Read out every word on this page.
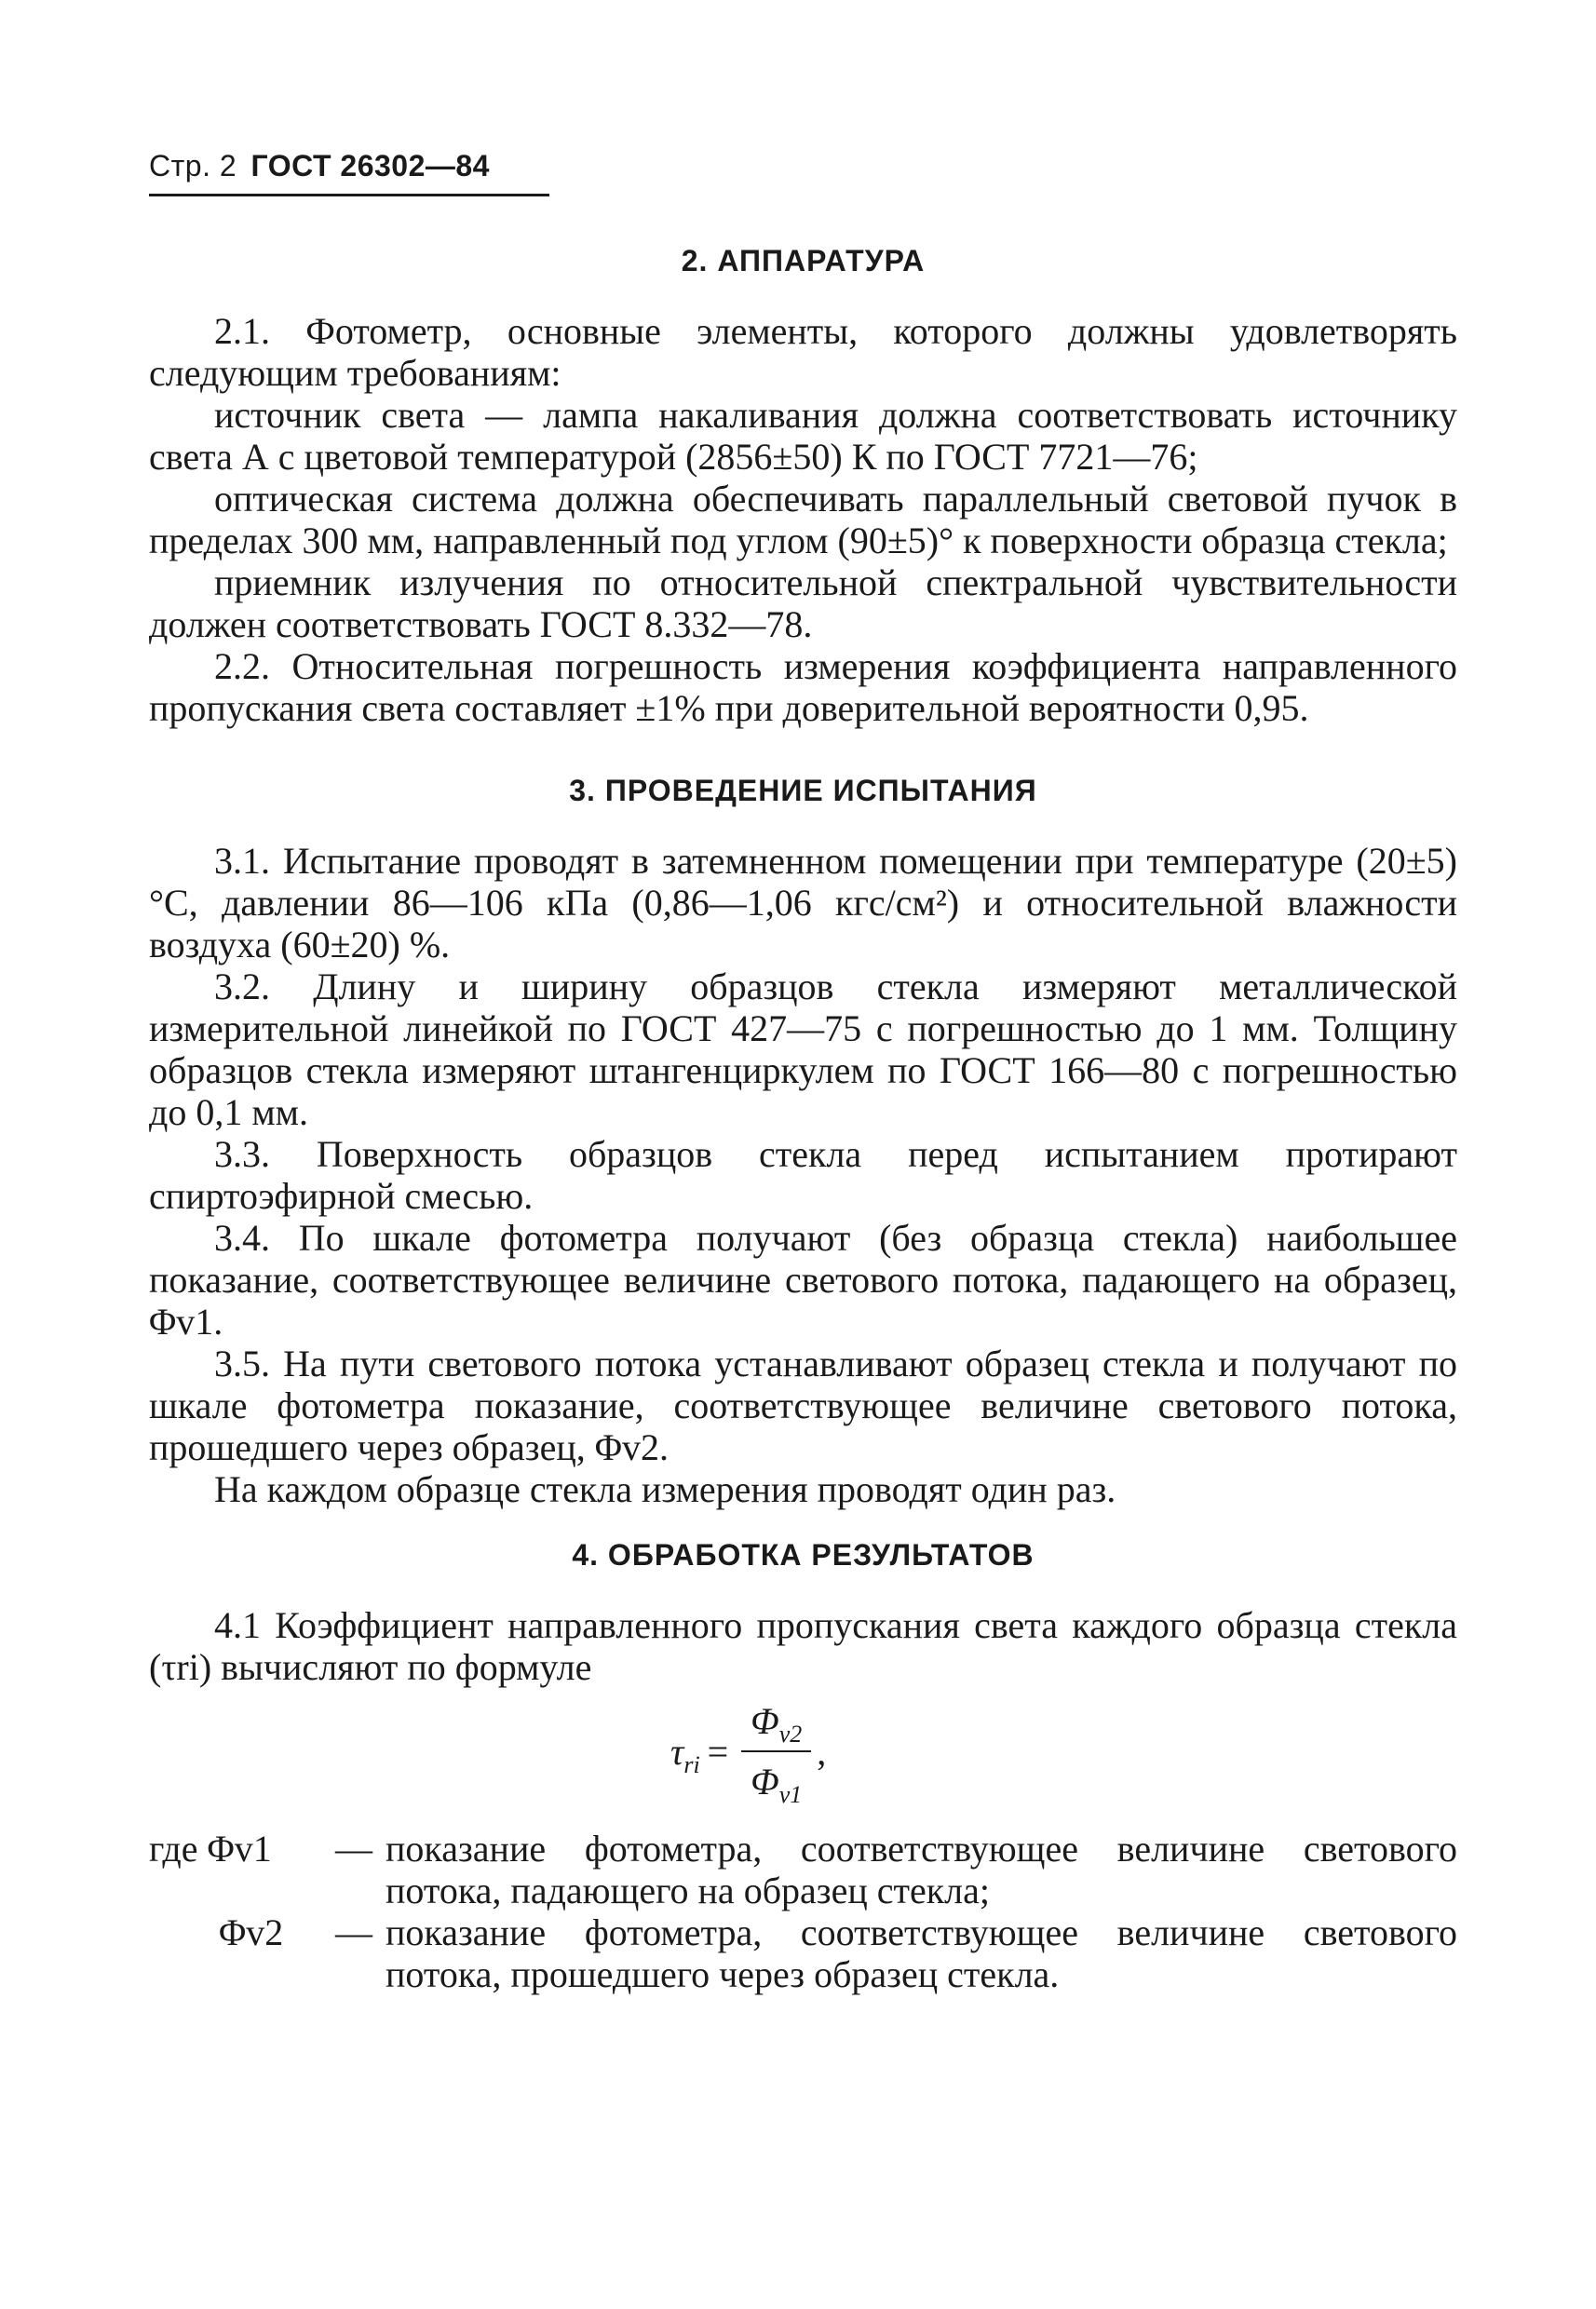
Стр. 2 ГОСТ 26302—84
2. АППАРАТУРА

2.1. Фотометр, основные элементы, которого должны удовлетворять следующим требованиям:

источник света — лампа накаливания должна соответствовать источнику света А с цветовой температурой (2856±50) К по ГОСТ 7721—76;

оптическая система должна обеспечивать параллельный световой пучок в пределах 300 мм, направленный под углом (90±5)° к поверхности образца стекла;

приемник излучения по относительной спектральной чувствительности должен соответствовать ГОСТ 8.332—78.

2.2. Относительная погрешность измерения коэффициента направленного пропускания света составляет ±1% при доверительной вероятности 0,95.

3. ПРОВЕДЕНИЕ ИСПЫТАНИЯ

3.1. Испытание проводят в затемненном помещении при температуре (20±5)°С, давлении 86—106 кПа (0,86—1,06 кгс/см²) и относительной влажности воздуха (60±20) %.

3.2. Длину и ширину образцов стекла измеряют металлической измерительной линейкой по ГОСТ 427—75 с погрешностью до 1 мм. Толщину образцов стекла измеряют штангенциркулем по ГОСТ 166—80 с погрешностью до 0,1 мм.

3.3. Поверхность образцов стекла перед испытанием протирают спиртоэфирной смесью.

3.4. По шкале фотометра получают (без образца стекла) наибольшее показание, соответствующее величине светового потока, падающего на образец, Φv1.

3.5. На пути светового потока устанавливают образец стекла и получают по шкале фотометра показание, соответствующее величине светового потока, прошедшего через образец, Φv2.

На каждом образце стекла измерения проводят один раз.

4. ОБРАБОТКА РЕЗУЛЬТАТОВ

4.1 Коэффициент направленного пропускания света каждого образца стекла (τri) вычисляют по формуле

$\tau_{ri} = \frac{\Phi_{v2}}{\Phi_{v1}}$ ,
где Φv1	— показание фотометра, соответствующее величине светового потока, падающего на образец стекла;
Φv2	— показание фотометра, соответствующее величине светового потока, прошедшего через образец стекла.
